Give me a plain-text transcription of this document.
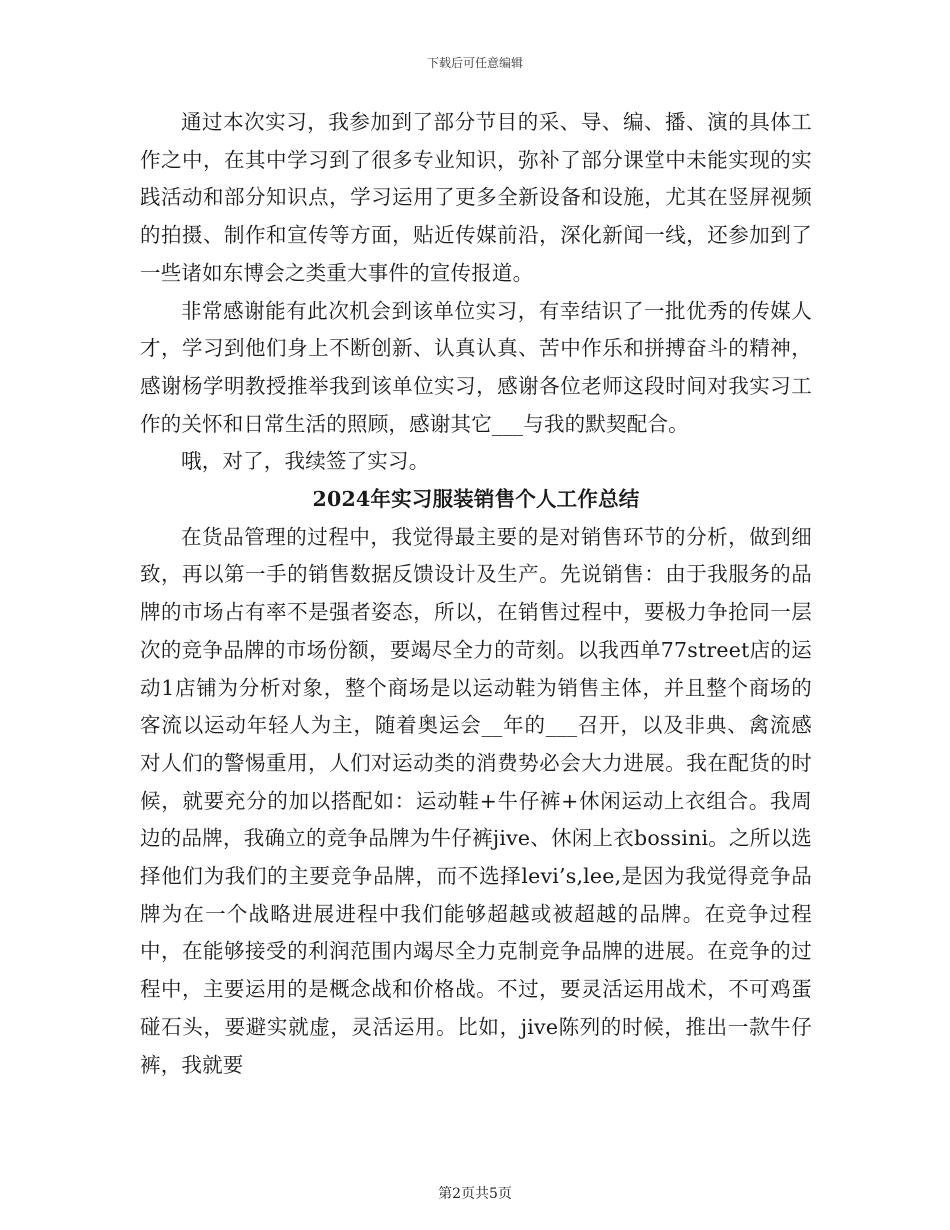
下载后可任意编辑

通过本次实习，我参加到了部分节目的采、导、编、播、演的具体工作之中，在其中学习到了很多专业知识，弥补了部分课堂中未能实现的实践活动和部分知识点，学习运用了更多全新设备和设施，尤其在竖屏视频的拍摄、制作和宣传等方面，贴近传媒前沿，深化新闻一线，还参加到了一些诸如东博会之类重大事件的宣传报道。

非常感谢能有此次机会到该单位实习，有幸结识了一批优秀的传媒人才，学习到他们身上不断创新、认真认真、苦中作乐和拼搏奋斗的精神，感谢杨学明教授推举我到该单位实习，感谢各位老师这段时间对我实习工作的关怀和日常生活的照顾，感谢其它___与我的默契配合。

哦，对了，我续签了实习。

2024年实习服装销售个人工作总结

在货品管理的过程中，我觉得最主要的是对销售环节的分析，做到细致，再以第一手的销售数据反馈设计及生产。先说销售：由于我服务的品牌的市场占有率不是强者姿态，所以，在销售过程中，要极力争抢同一层次的竞争品牌的市场份额，要竭尽全力的苛刻。以我西单77street店的运动1店铺为分析对象，整个商场是以运动鞋为销售主体，并且整个商场的客流以运动年轻人为主，随着奥运会__年的___召开，以及非典、禽流感对人们的警惕重用，人们对运动类的消费势必会大力进展。我在配货的时候，就要充分的加以搭配如：运动鞋+牛仔裤+休闲运动上衣组合。我周边的品牌，我确立的竞争品牌为牛仔裤jive、休闲上衣bossini。之所以选择他们为我们的主要竞争品牌，而不选择levi’s,lee,是因为我觉得竞争品牌为在一个战略进展进程中我们能够超越或被超越的品牌。在竞争过程中，在能够接受的利润范围内竭尽全力克制竞争品牌的进展。在竞争的过程中，主要运用的是概念战和价格战。不过，要灵活运用战术，不可鸡蛋碰石头，要避实就虚，灵活运用。比如，jive陈列的时候，推出一款牛仔裤，我就要

第2页共5页
